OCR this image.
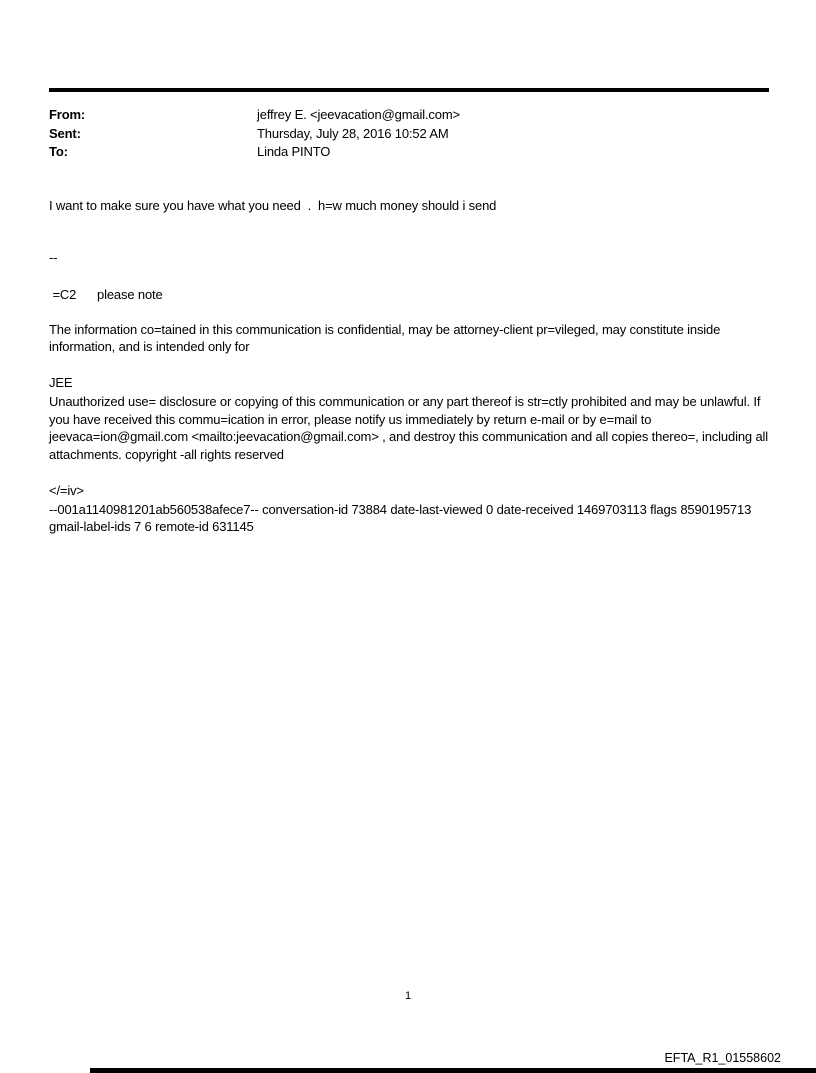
From:	jeffrey E. <jeevacation@gmail.com>
Sent:	Thursday, July 28, 2016 10:52 AM
To:	Linda PINTO

I want to make sure you have what you need  .  h=w much money should i send

--

=C2      please note

The information co=tained in this communication is confidential, may be attorney-client pr=vileged, may constitute inside information, and is intended only for

JEE

Unauthorized use= disclosure or copying of this communication or any part thereof is str=ctly prohibited and may be unlawful. If you have received this commu=ication in error, please notify us immediately by return e-mail or by e=mail to jeevaca=ion@gmail.com <mailto:jeevacation@gmail.com> , and destroy this communication and all copies thereo=, including all attachments. copyright -all rights reserved

</=iv>

--001a1140981201ab560538afece7-- conversation-id 73884 date-last-viewed 0 date-received 1469703113 flags 8590195713 gmail-label-ids 7 6 remote-id 631145

1
EFTA_R1_01558602
